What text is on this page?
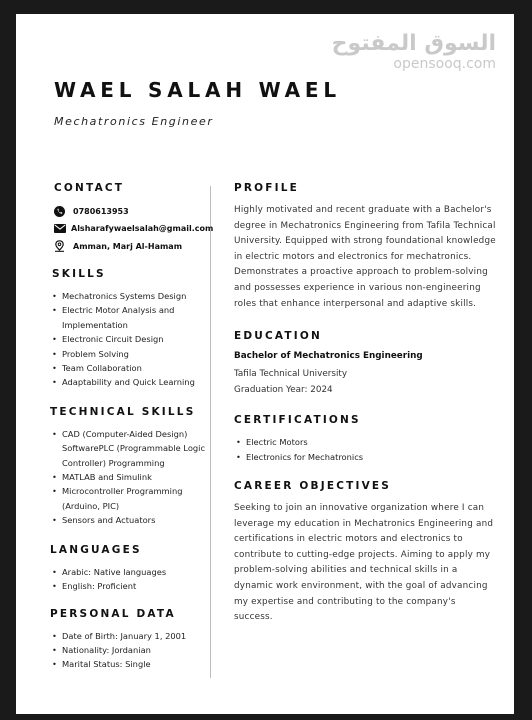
السوق المفتوح
opensooq.com
WAEL SALAH WAEL
Mechatronics Engineer
CONTACT
0780613953
Alsharafywaelsalah@gmail.com
Amman, Marj Al-Hamam
SKILLS
• Mechatronics Systems Design
• Electric Motor Analysis and Implementation
• Electronic Circuit Design
• Problem Solving
• Team Collaboration
• Adaptability and Quick Learning
TECHNICAL SKILLS
• CAD (Computer-Aided Design) SoftwarePLC (Programmable Logic Controller) Programming
• MATLAB and Simulink
• Microcontroller Programming (Arduino, PIC)
• Sensors and Actuators
LANGUAGES
• Arabic: Native languages
• English: Proficient
PERSONAL DATA
• Date of Birth: January 1, 2001
• Nationality: Jordanian
• Marital Status: Single
PROFILE
Highly motivated and recent graduate with a Bachelor's degree in Mechatronics Engineering from Tafila Technical University. Equipped with strong foundational knowledge in electric motors and electronics for mechatronics. Demonstrates a proactive approach to problem-solving and possesses experience in various non-engineering roles that enhance interpersonal and adaptive skills.
EDUCATION
Bachelor of Mechatronics Engineering
Tafila Technical University
Graduation Year: 2024
CERTIFICATIONS
• Electric Motors
• Electronics for Mechatronics
CAREER OBJECTIVES
Seeking to join an innovative organization where I can leverage my education in Mechatronics Engineering and certifications in electric motors and electronics to contribute to cutting-edge projects. Aiming to apply my problem-solving abilities and technical skills in a dynamic work environment, with the goal of advancing my expertise and contributing to the company's success.
